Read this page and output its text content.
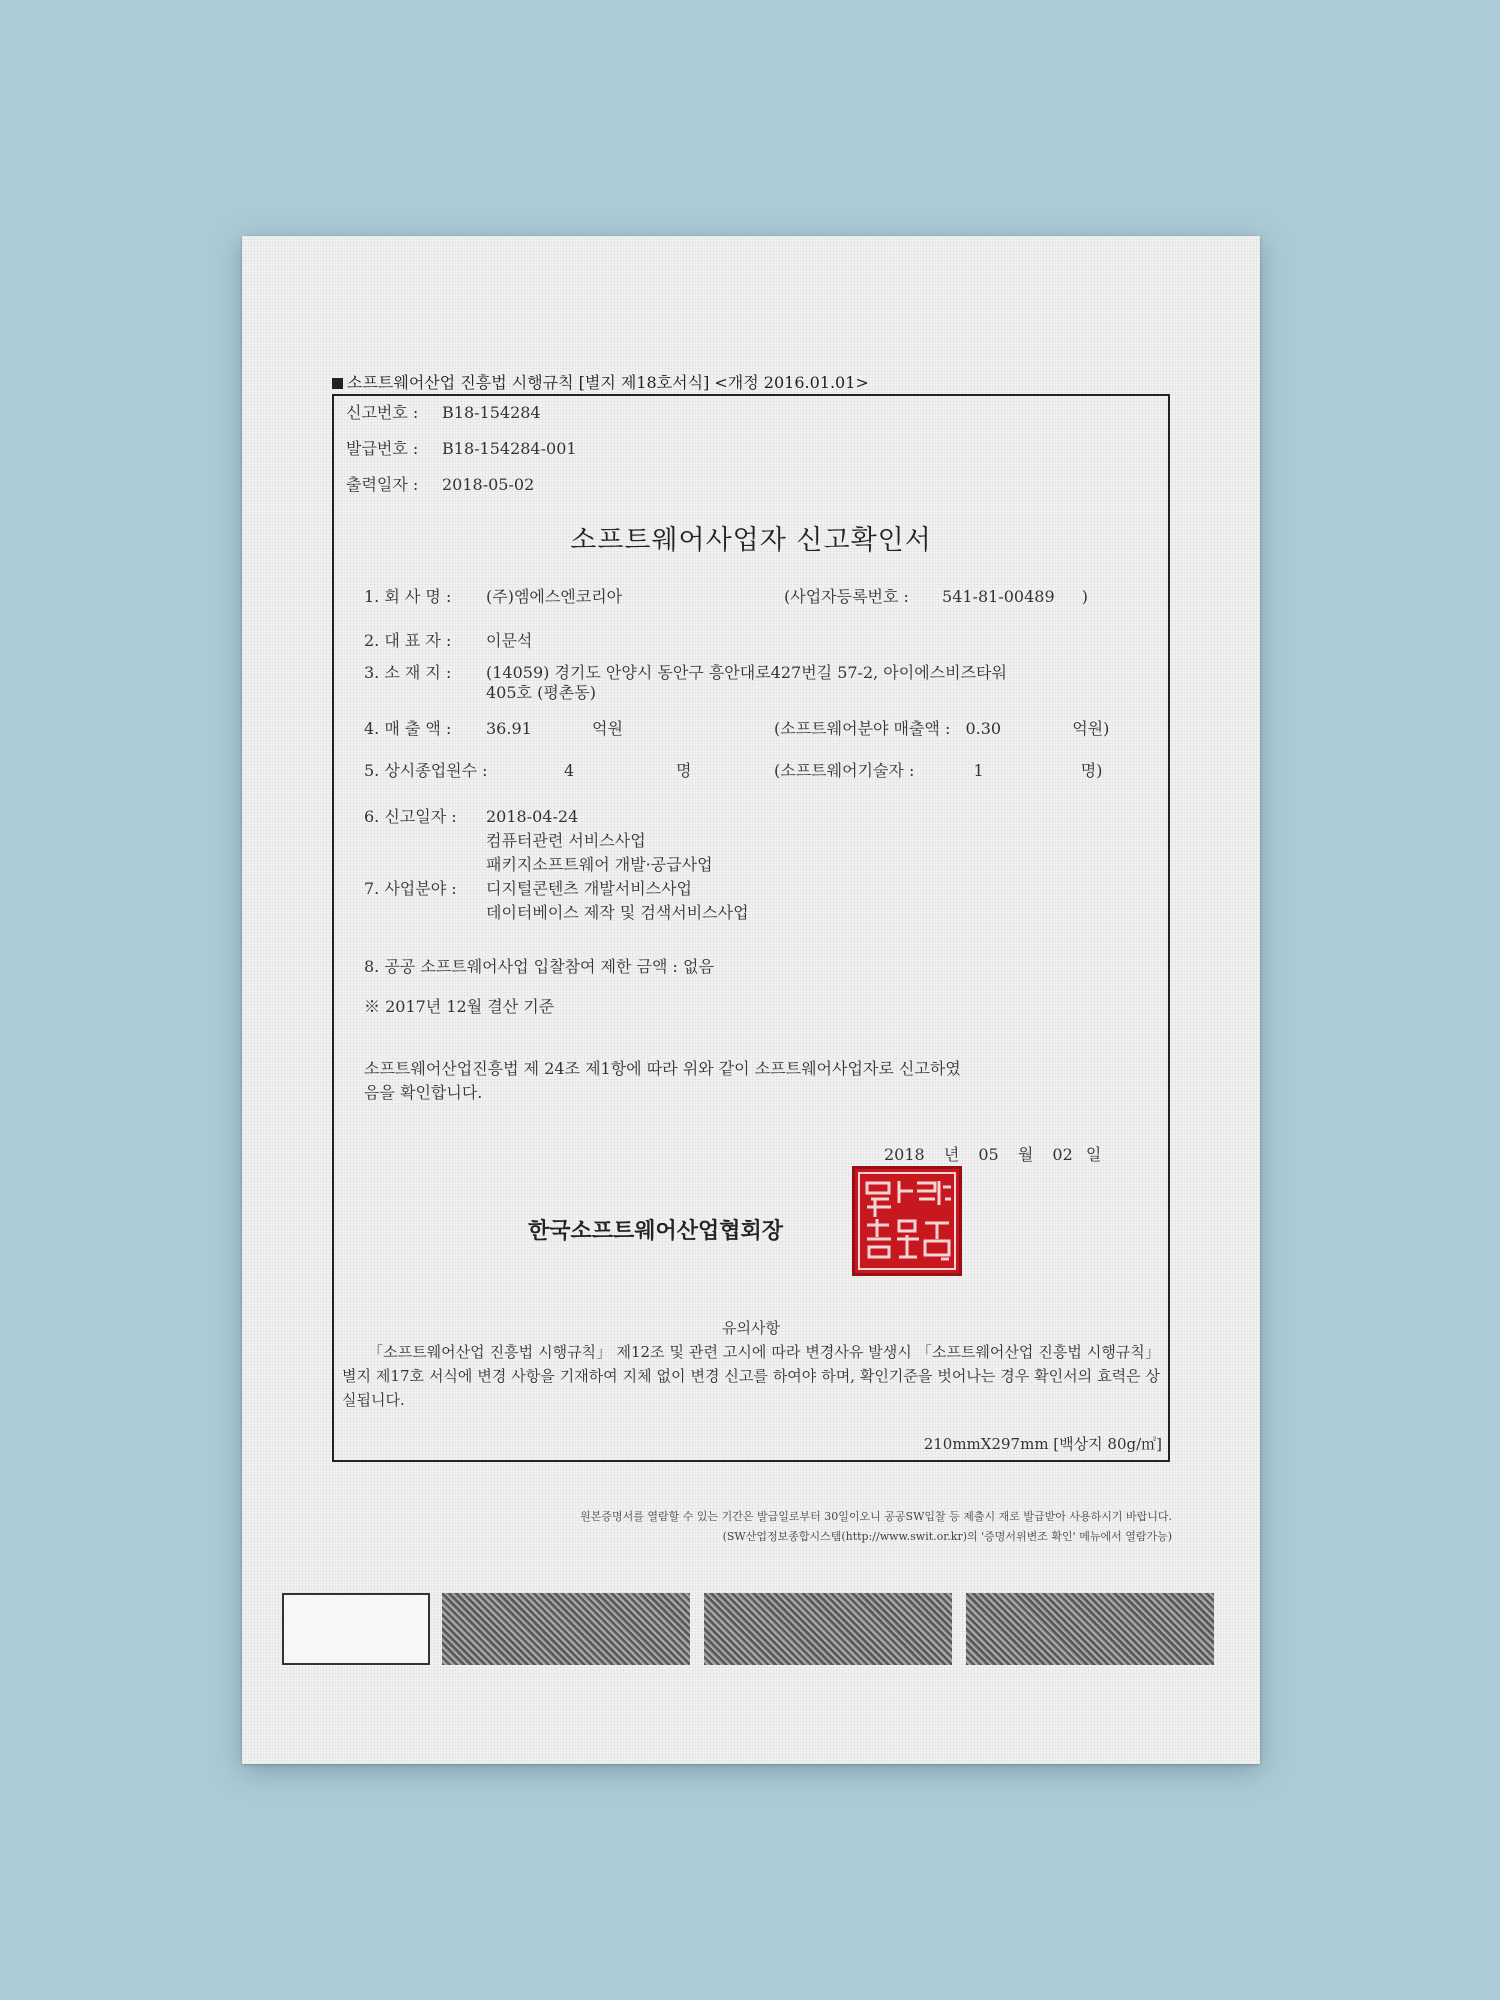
소프트웨어산업 진흥법 시행규칙 [별지 제18호서식] <개정 2016.01.01>
신고번호 : B18-154284
발급번호 : B18-154284-001
출력일자 : 2018-05-02
소프트웨어사업자 신고확인서
1. 회 사 명 : (주)엠에스엔코리아	(사업자등록번호 : 541-81-00489 )
2. 대 표 자 : 이문석
3. 소 재 지 : (14059) 경기도 안양시 동안구 흥안대로427번길 57-2, 아이에스비즈타워
405호 (평촌동)
4. 매 출 액 : 36.91	억원	(소프트웨어분야 매출액 : 0.30	억원)
5. 상시종업원수 :	4	명	(소프트웨어기술자 :	1	명)
6. 신고일자 : 2018-04-24
컴퓨터관련 서비스사업
패키지소프트웨어 개발·공급사업
7. 사업분야 : 디지털콘텐츠 개발서비스사업
데이터베이스 제작 및 검색서비스사업
8. 공공 소프트웨어사업 입찰참여 제한 금액 : 없음
※ 2017년 12월 결산 기준
소프트웨어산업진흥법 제 24조 제1항에 따라 위와 같이 소프트웨어사업자로 신고하였
음을 확인합니다.
2018 년 05 월 02 일
한국소프트웨어산업협회장
유의사항
「소프트웨어산업 진흥법 시행규칙」 제12조 및 관련 고시에 따라 변경사유 발생시 「소프트웨어산업 진흥법 시행규칙」 별지 제17호 서식에 변경 사항을 기재하여 지체 없이 변경 신고를 하여야 하며, 확인기준을 벗어나는 경우 확인서의 효력은 상실됩니다.
210mmX297mm [백상지 80g/㎡]
원본증명서를 열람할 수 있는 기간은 발급일로부터 30일이오니 공공SW입찰 등 제출시 재로 발급받아 사용하시기 바랍니다.
(SW산업정보종합시스템(http://www.swit.or.kr)의 '증명서위변조 확인' 메뉴에서 열람가능)
